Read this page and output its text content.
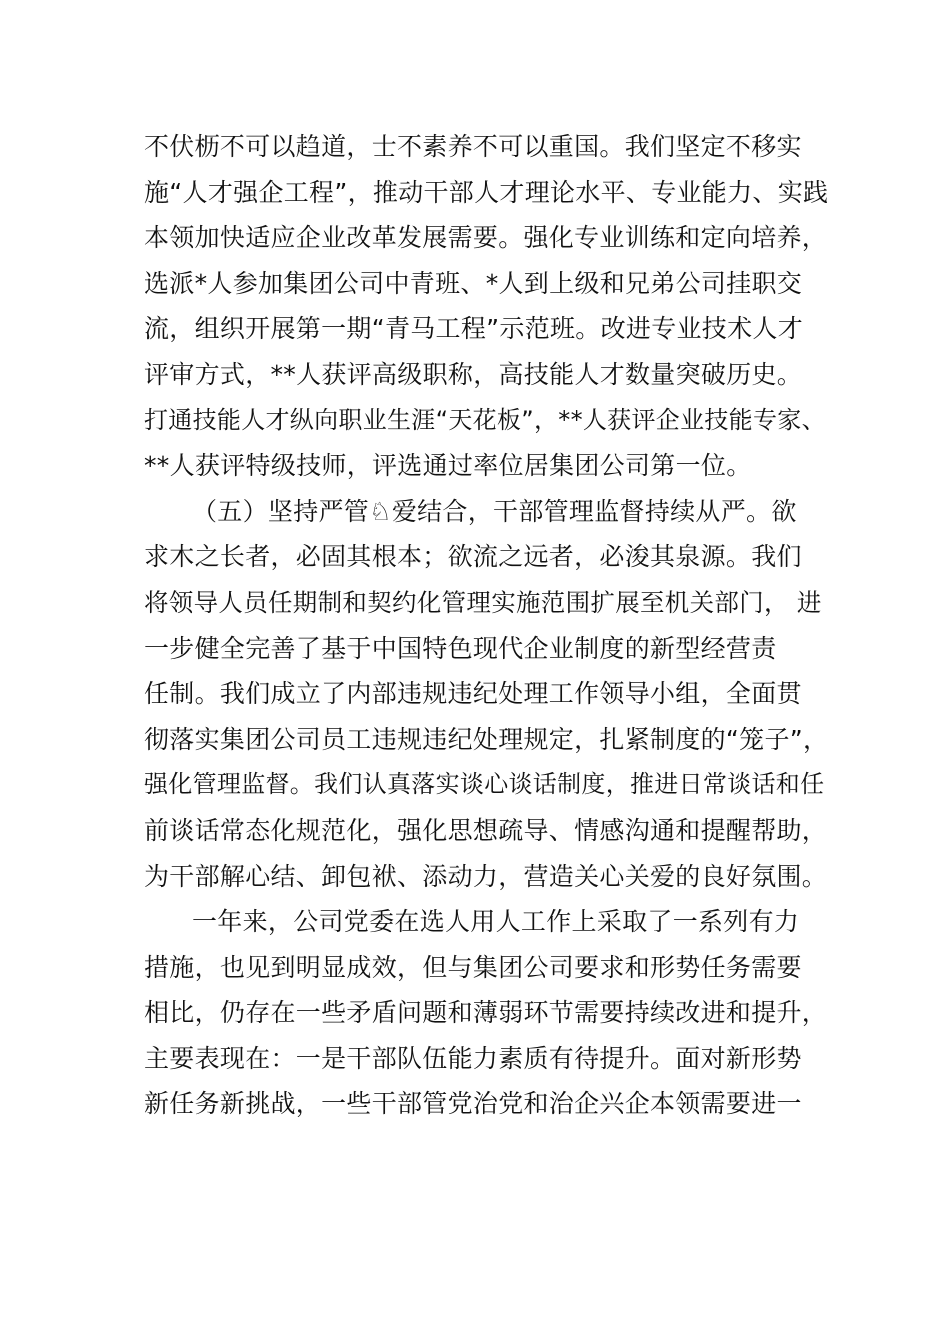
不伏枥不可以趋道，士不素养不可以重国。我们坚定不移实
施“人才强企工程”，推动干部人才理论水平、专业能力、实践
本领加快适应企业改革发展需要。强化专业训练和定向培养，
选派*人参加集团公司中青班、*人到上级和兄弟公司挂职交
流，组织开展第一期“青马工程”示范班。改进专业技术人才
评审方式，**人获评高级职称，高技能人才数量突破历史。
打通技能人才纵向职业生涯“天花板”，**人获评企业技能专家、
**人获评特级技师，评选通过率位居集团公司第一位。
（五）坚持严管♘爱结合，干部管理监督持续从严。欲
求木之长者，必固其根本；欲流之远者，必浚其泉源。我们
将领导人员任期制和契约化管理实施范围扩展至机关部门， 进
一步健全完善了基于中国特色现代企业制度的新型经营责
任制。我们成立了内部违规违纪处理工作领导小组，全面贯
彻落实集团公司员工违规违纪处理规定，扎紧制度的“笼子”，
强化管理监督。我们认真落实谈心谈话制度，推进日常谈话和任
前谈话常态化规范化，强化思想疏导、情感沟通和提醒帮助，
为干部解心结、卸包袱、添动力，营造关心关爱的良好氛围。
一年来，公司党委在选人用人工作上采取了一系列有力
措施，也见到明显成效，但与集团公司要求和形势任务需要
相比，仍存在一些矛盾问题和薄弱环节需要持续改进和提升，
主要表现在：一是干部队伍能力素质有待提升。面对新形势
新任务新挑战，一些干部管党治党和治企兴企本领需要进一
